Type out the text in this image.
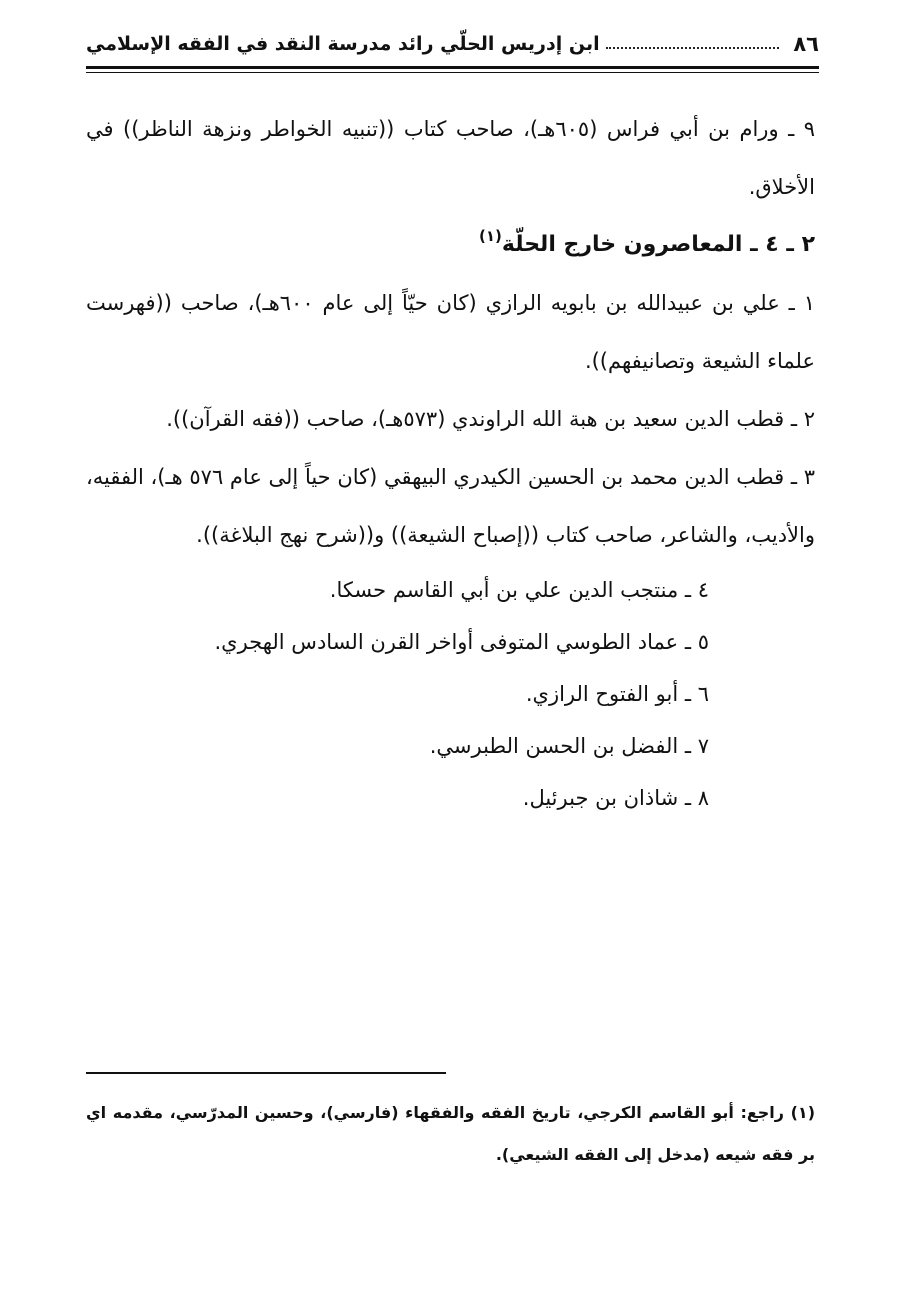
٨٦
ابن إدريس الحلّي رائد مدرسة النقد في الفقه الإسلامي

٩ ـ ورام بن أبي فراس (٦٠٥هـ)، صاحب كتاب ((تنبيه الخواطر ونزهة الناظر)) في الأخلاق.

٢ ـ ٤ ـ المعاصرون خارج الحلّة$^{(١)}$

١ ـ علي بن عبيدالله بن بابويه الرازي (كان حيّاً إلى عام ٦٠٠هـ)، صاحب ((فهرست علماء الشيعة وتصانيفهم)).

٢ ـ قطب الدين سعيد بن هبة الله الراوندي (٥٧٣هـ)، صاحب ((فقه القرآن)).

٣ ـ قطب الدين محمد بن الحسين الكيدري البيهقي (كان حياً إلى عام ٥٧٦ هـ)، الفقيه، والأديب، والشاعر، صاحب كتاب ((إصباح الشيعة)) و((شرح نهج البلاغة)).

٤ ـ منتجب الدين علي بن أبي القاسم حسكا.
٥ ـ عماد الطوسي المتوفى أواخر القرن السادس الهجري.
٦ ـ أبو الفتوح الرازي.
٧ ـ الفضل بن الحسن الطبرسي.
٨ ـ شاذان بن جبرئيل.

(١) راجع: أبو القاسم الكرجي، تاريخ الفقه والفقهاء (فارسي)، وحسين المدرّسي، مقدمه اي بر فقه شيعه (مدخل إلى الفقه الشيعي).
